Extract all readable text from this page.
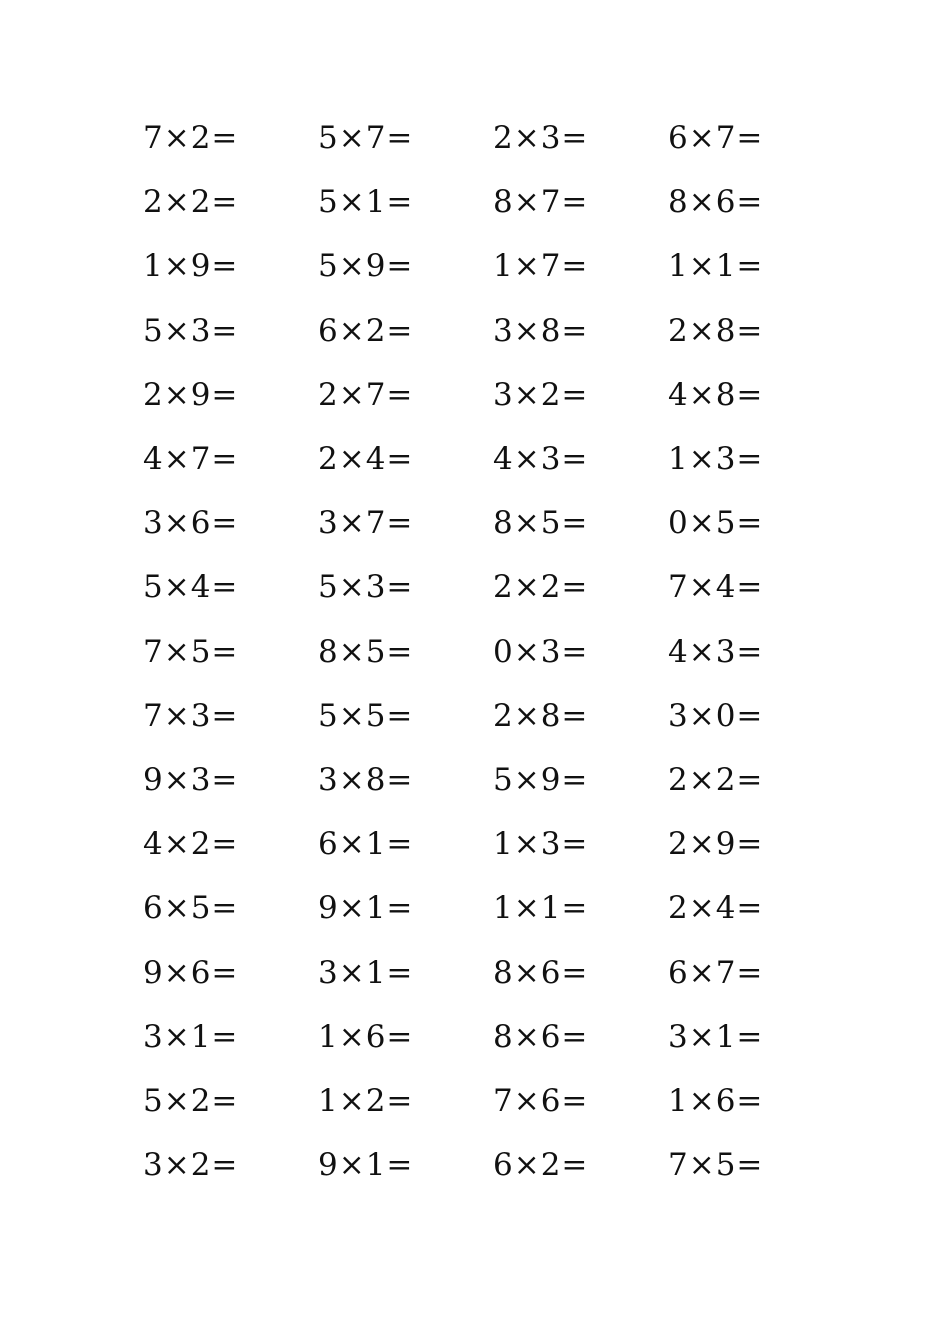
7×2=	5×7=	2×3=	6×7=
2×2=	5×1=	8×7=	8×6=
1×9=	5×9=	1×7=	1×1=
5×3=	6×2=	3×8=	2×8=
2×9=	2×7=	3×2=	4×8=
4×7=	2×4=	4×3=	1×3=
3×6=	3×7=	8×5=	0×5=
5×4=	5×3=	2×2=	7×4=
7×5=	8×5=	0×3=	4×3=
7×3=	5×5=	2×8=	3×0=
9×3=	3×8=	5×9=	2×2=
4×2=	6×1=	1×3=	2×9=
6×5=	9×1=	1×1=	2×4=
9×6=	3×1=	8×6=	6×7=
3×1=	1×6=	8×6=	3×1=
5×2=	1×2=	7×6=	1×6=
3×2=	9×1=	6×2=	7×5=
